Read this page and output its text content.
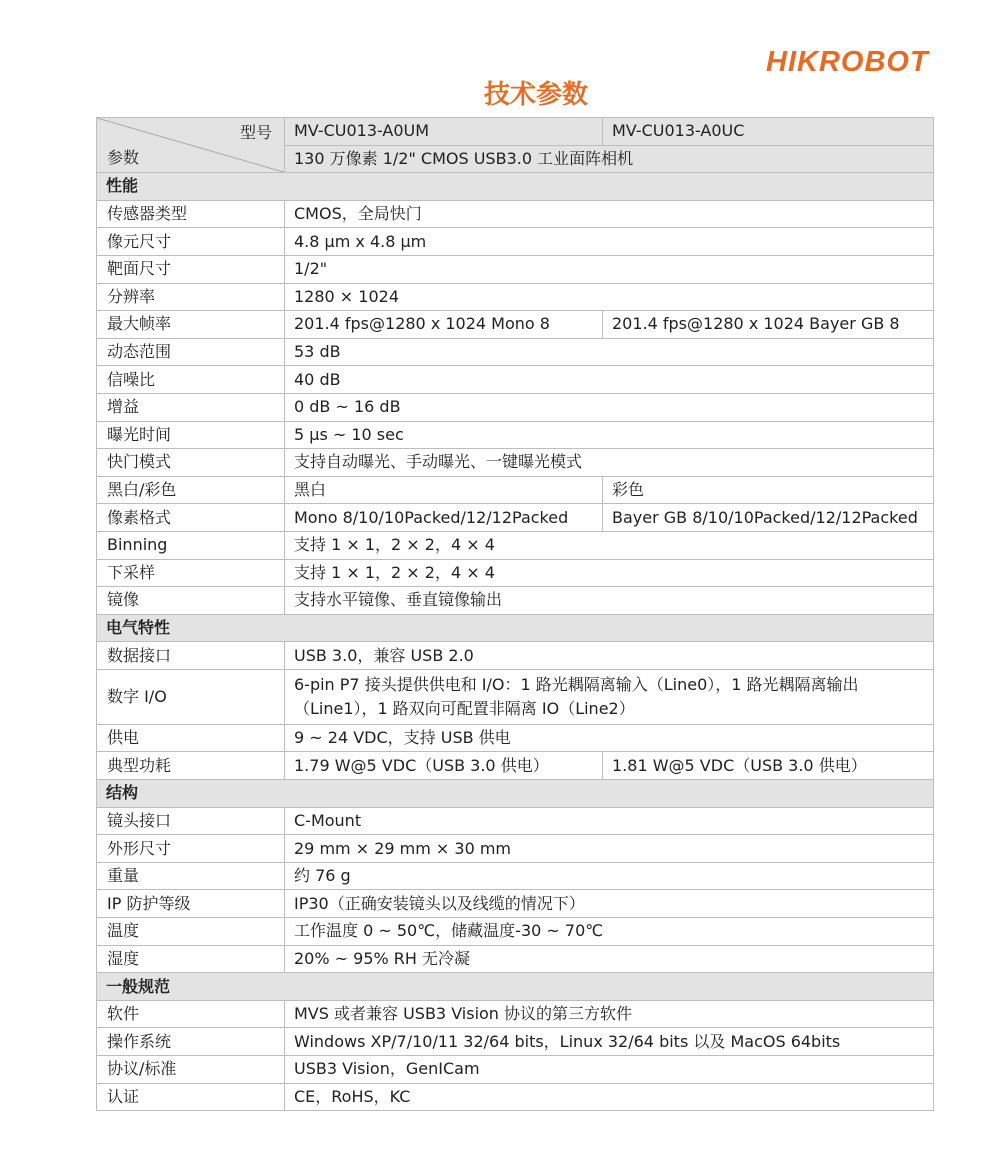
HIKROBOT
技术参数
型号
参数	MV-CU013-A0UM	MV-CU013-A0UC
	130 万像素 1/2" CMOS USB3.0 工业面阵相机	
性能		
传感器类型	CMOS，全局快门	
像元尺寸	4.8 μm x 4.8 μm	
靶面尺寸	1/2"	
分辨率	1280 × 1024	
最大帧率	201.4 fps@1280 x 1024 Mono 8	201.4 fps@1280 x 1024 Bayer GB 8
动态范围	53 dB	
信噪比	40 dB	
增益	0 dB ~ 16 dB	
曝光时间	5 μs ~ 10 sec	
快门模式	支持自动曝光、手动曝光、一键曝光模式	
黑白/彩色	黑白	彩色
像素格式	Mono 8/10/10Packed/12/12Packed	Bayer GB 8/10/10Packed/12/12Packed
Binning	支持 1 × 1，2 × 2，4 × 4	
下采样	支持 1 × 1，2 × 2，4 × 4	
镜像	支持水平镜像、垂直镜像输出	
电气特性		
数据接口	USB 3.0，兼容 USB 2.0	
数字 I/O	6-pin P7 接头提供供电和 I/O：1 路光耦隔离输入（Line0），1 路光耦隔离输出（Line1），1 路双向可配置非隔离 IO（Line2）	
供电	9 ~ 24 VDC，支持 USB 供电	
典型功耗	1.79 W@5 VDC（USB 3.0 供电）	1.81 W@5 VDC（USB 3.0 供电）
结构		
镜头接口	C-Mount	
外形尺寸	29 mm × 29 mm × 30 mm	
重量	约 76 g	
IP 防护等级	IP30（正确安装镜头以及线缆的情况下）	
温度	工作温度 0 ~ 50℃，储藏温度-30 ~ 70℃	
湿度	20% ~ 95% RH 无冷凝	
一般规范		
软件	MVS 或者兼容 USB3 Vision 协议的第三方软件	
操作系统	Windows XP/7/10/11 32/64 bits，Linux 32/64 bits 以及 MacOS 64bits	
协议/标准	USB3 Vision，GenICam	
认证	CE，RoHS，KC	
